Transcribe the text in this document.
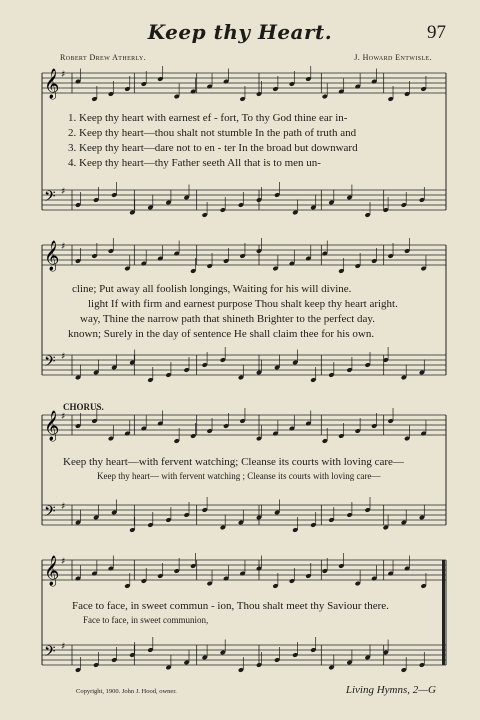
Keep thy Heart.	97
Robert Drew Atherly.	J. Howard Entwisle.
𝄞 ♯
𝄢 ♯
𝄞 ♯
𝄢 ♯
𝄞 ♯
𝄢 ♯
𝄞 ♯
𝄢 ♯
1. Keep thy heart with earnest ef - fort, To thy God thine ear in-
2. Keep thy heart—thou shalt not stumble In the path of truth and
3. Keep thy heart—dare not to en - ter In the broad but downward
4. Keep thy heart—thy Father seeth All that is to men un-
cline; Put away all foolish longings, Waiting for his will divine.
light If with firm and earnest purpose Thou shalt keep thy heart aright.
way, Thine the narrow path that shineth Brighter to the perfect day.
known; Surely in the day of sentence He shall claim thee for his own.
CHORUS.
Keep thy heart—with fervent watching; Cleanse its courts with loving care—
Keep thy heart— with fervent watching ; Cleanse its courts with loving care—
Face to face, in sweet commun - ion, Thou shalt meet thy Saviour there.
Face to face, in sweet communion,
Copyright, 1900. John J. Hood, owner.	Living Hymns, 2—G
